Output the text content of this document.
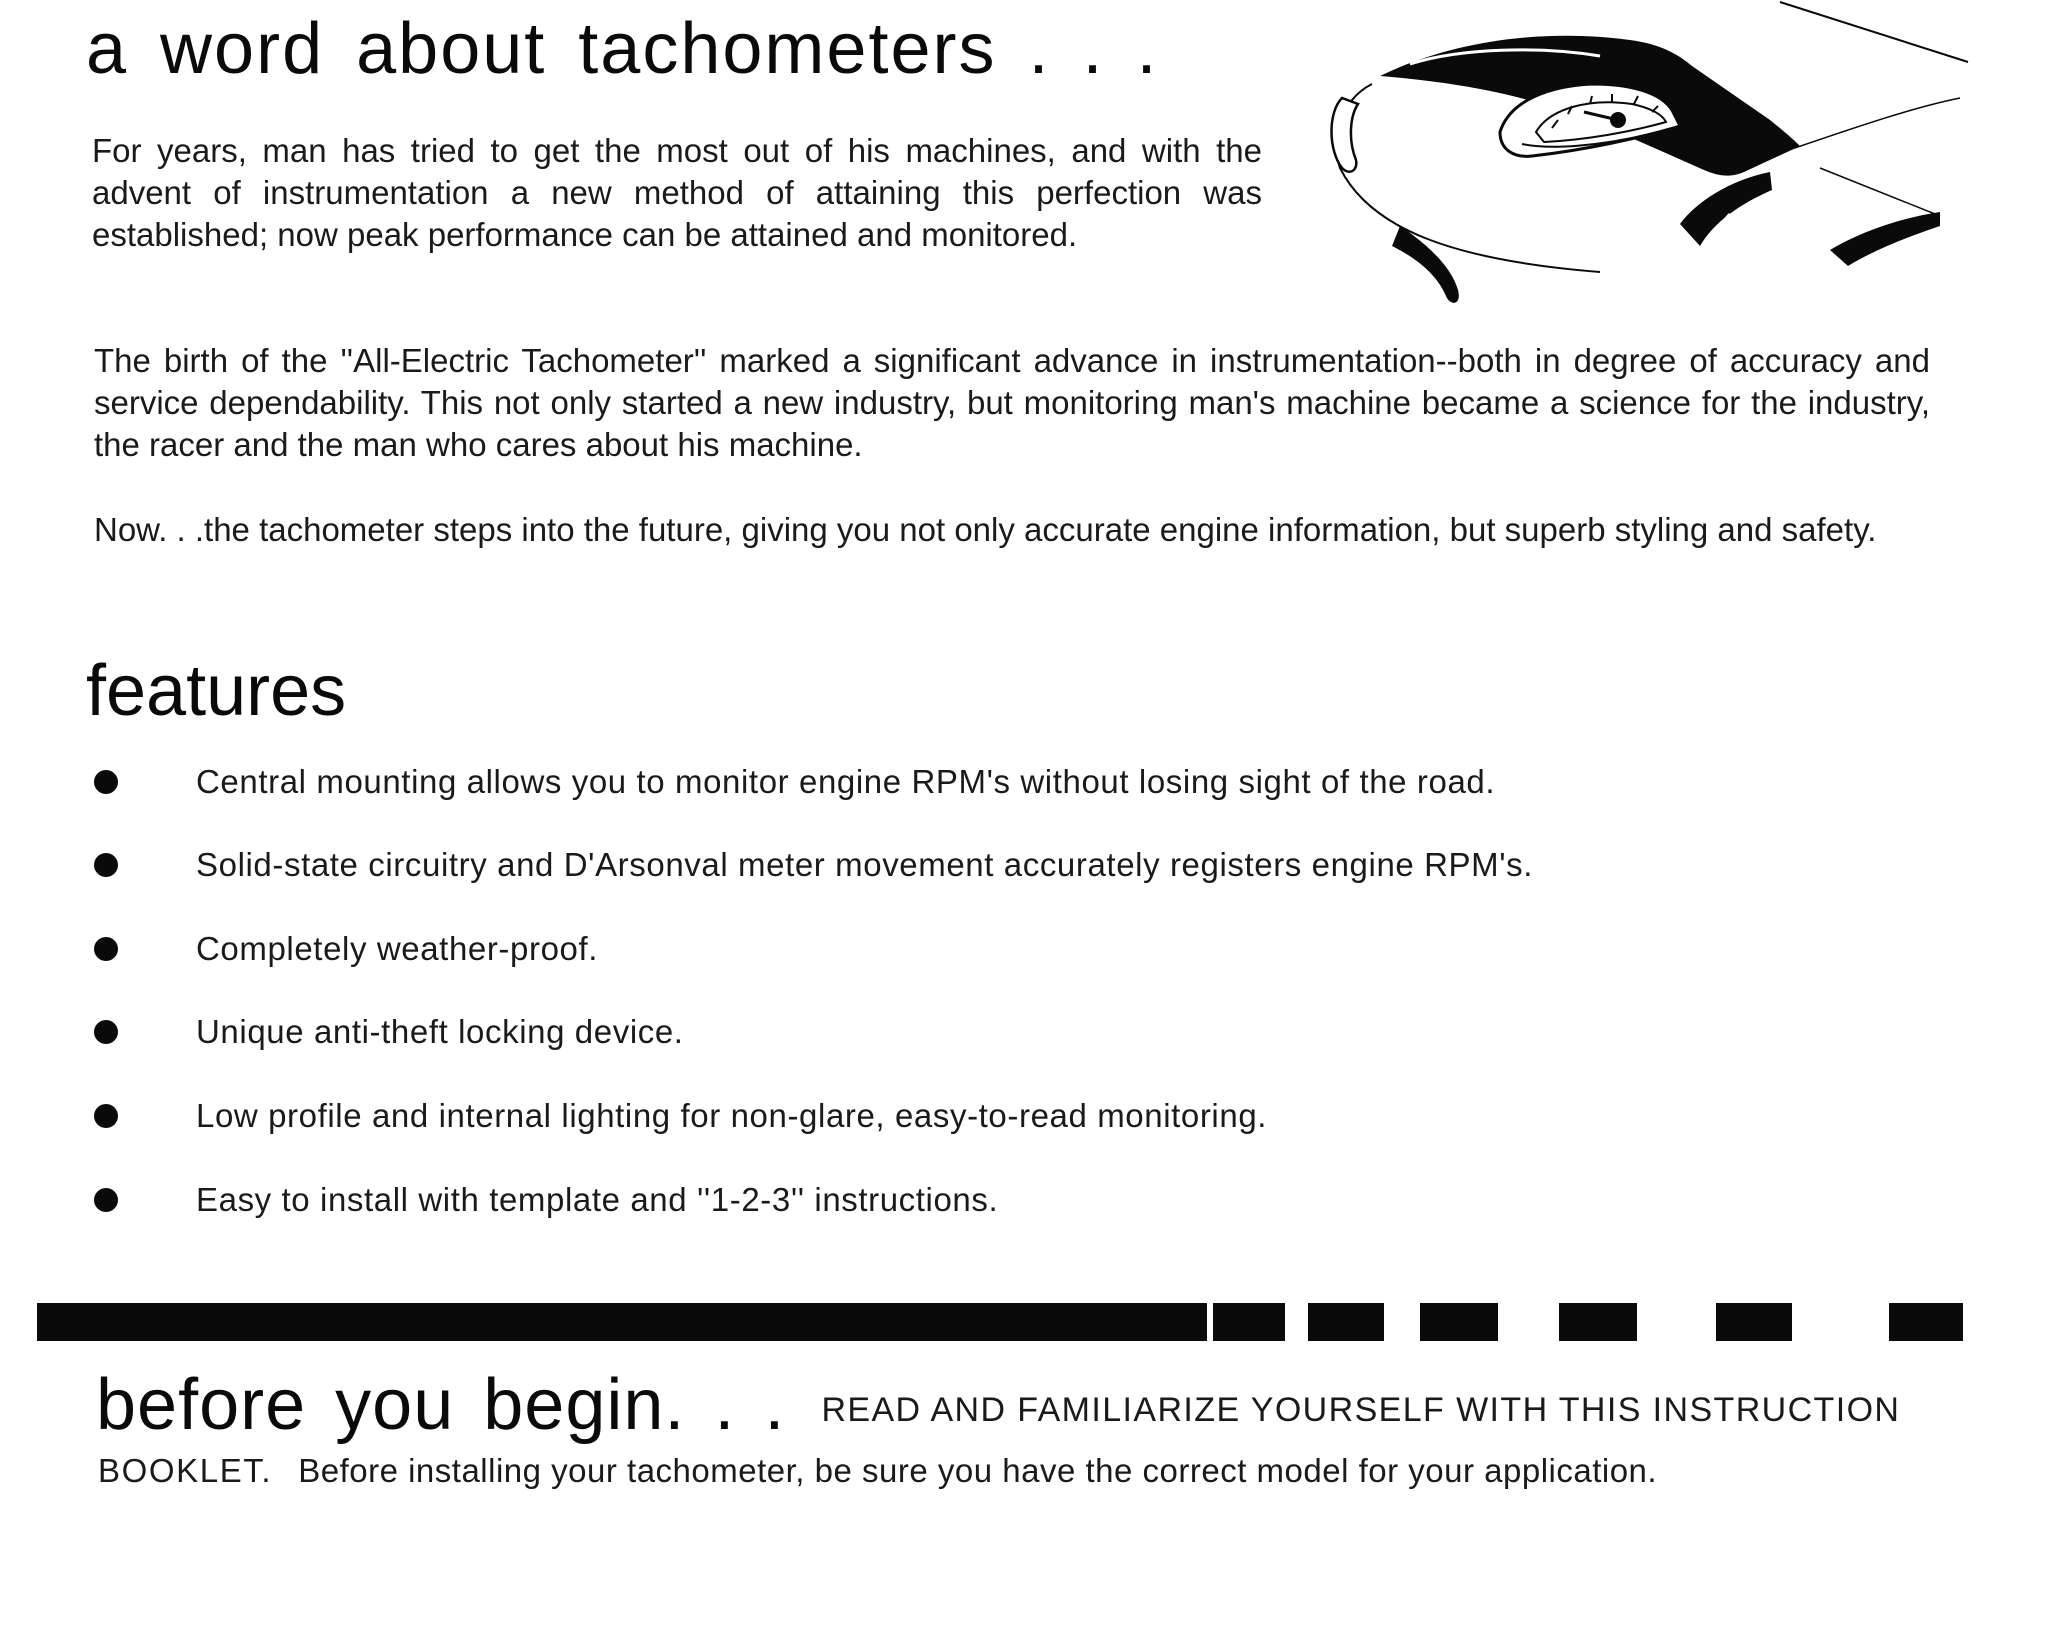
a word about tachometers . . .

For years, man has tried to get the most out of his machines, and with the advent of instrumentation a new method of attaining this perfection was established; now peak performance can be attained and monitored.

The birth of the ''All-Electric Tachometer'' marked a significant advance in instrumentation--both in degree of accuracy and service dependability. This not only started a new industry, but monitoring man's machine became a science for the industry, the racer and the man who cares about his machine.

Now. . .the tachometer steps into the future, giving you not only accurate engine information, but superb styling and safety.

features
Central mounting allows you to monitor engine RPM's without losing sight of the road.
Solid-state circuitry and D'Arsonval meter movement accurately registers engine RPM's.
Completely weather-proof.
Unique anti-theft locking device.
Low profile and internal lighting for non-glare, easy-to-read monitoring.
Easy to install with template and ''1-2-3'' instructions.
before you begin. . . READ AND FAMILIARIZE YOURSELF WITH THIS INSTRUCTION
BOOKLET. Before installing your tachometer, be sure you have the correct model for your application.
